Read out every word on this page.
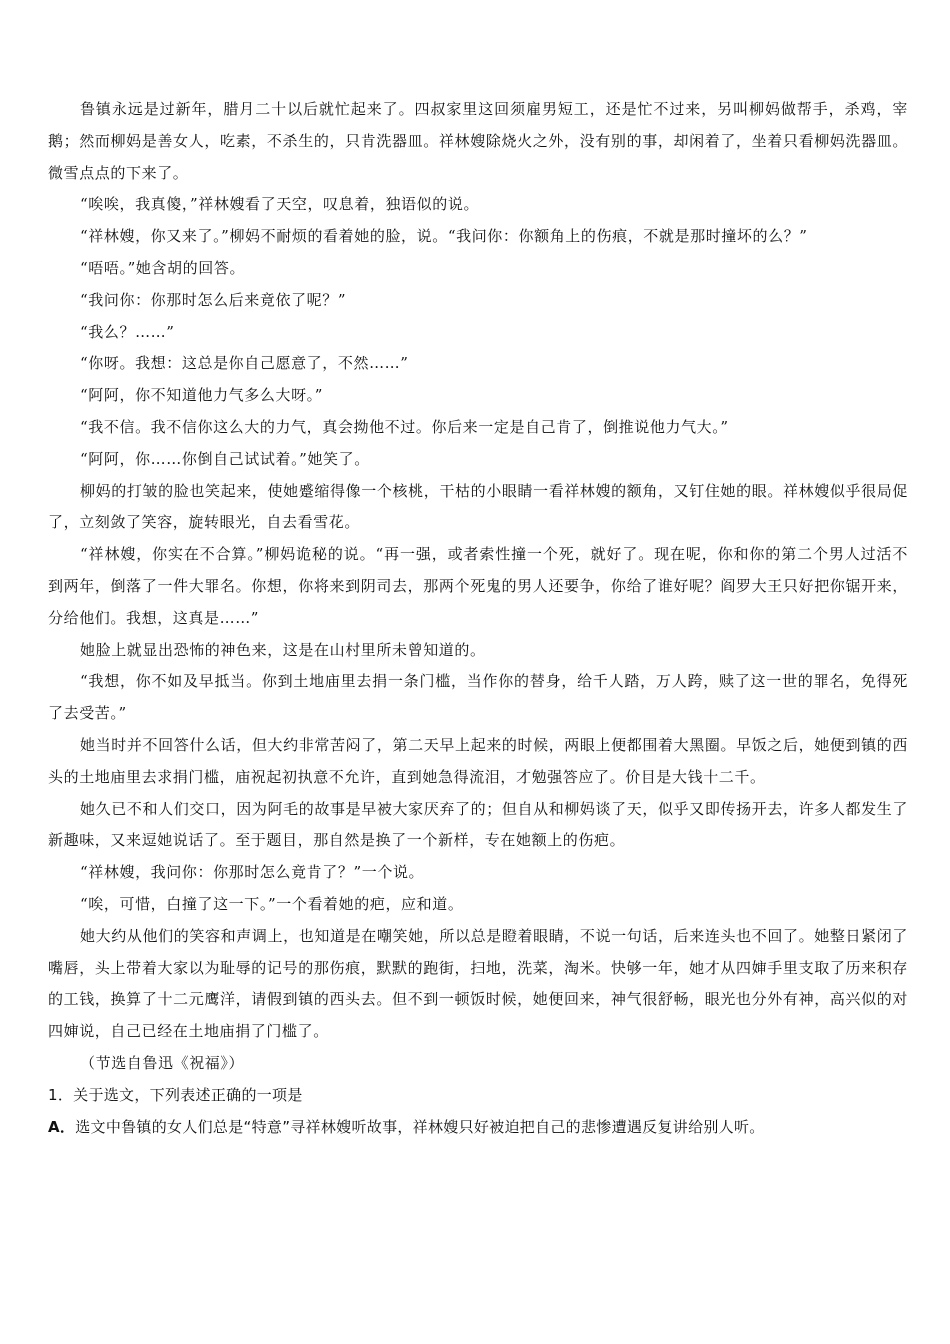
鲁镇永远是过新年，腊月二十以后就忙起来了。四叔家里这回须雇男短工，还是忙不过来，另叫柳妈做帮手，杀鸡，宰鹅；然而柳妈是善女人，吃素，不杀生的，只肯洗器皿。祥林嫂除烧火之外，没有别的事，却闲着了，坐着只看柳妈洗器皿。微雪点点的下来了。

“唉唉，我真傻，”祥林嫂看了天空，叹息着，独语似的说。

“祥林嫂，你又来了。”柳妈不耐烦的看着她的脸，说。“我问你：你额角上的伤痕，不就是那时撞坏的么？”

“唔唔。”她含胡的回答。

“我问你：你那时怎么后来竟依了呢？”

“我么？……”

“你呀。我想：这总是你自己愿意了，不然……”

“阿阿，你不知道他力气多么大呀。”

“我不信。我不信你这么大的力气，真会拗他不过。你后来一定是自己肯了，倒推说他力气大。”

“阿阿，你……你倒自己试试着。”她笑了。

柳妈的打皱的脸也笑起来，使她蹙缩得像一个核桃，干枯的小眼睛一看祥林嫂的额角，又钉住她的眼。祥林嫂似乎很局促了，立刻敛了笑容，旋转眼光，自去看雪花。

“祥林嫂，你实在不合算。”柳妈诡秘的说。“再一强，或者索性撞一个死，就好了。现在呢，你和你的第二个男人过活不到两年，倒落了一件大罪名。你想，你将来到阴司去，那两个死鬼的男人还要争，你给了谁好呢？阎罗大王只好把你锯开来，分给他们。我想，这真是……”

她脸上就显出恐怖的神色来，这是在山村里所未曾知道的。

“我想，你不如及早抵当。你到土地庙里去捐一条门槛，当作你的替身，给千人踏，万人跨，赎了这一世的罪名，免得死了去受苦。”

她当时并不回答什么话，但大约非常苦闷了，第二天早上起来的时候，两眼上便都围着大黑圈。早饭之后，她便到镇的西头的土地庙里去求捐门槛，庙祝起初执意不允许，直到她急得流泪，才勉强答应了。价目是大钱十二千。

她久已不和人们交口，因为阿毛的故事是早被大家厌弃了的；但自从和柳妈谈了天，似乎又即传扬开去，许多人都发生了新趣味，又来逗她说话了。至于题目，那自然是换了一个新样，专在她额上的伤疤。

“祥林嫂，我问你：你那时怎么竟肯了？”一个说。

“唉，可惜，白撞了这一下。”一个看着她的疤，应和道。

她大约从他们的笑容和声调上，也知道是在嘲笑她，所以总是瞪着眼睛，不说一句话，后来连头也不回了。她整日紧闭了嘴唇，头上带着大家以为耻辱的记号的那伤痕，默默的跑街，扫地，洗菜，淘米。快够一年，她才从四婶手里支取了历来积存的工钱，换算了十二元鹰洋，请假到镇的西头去。但不到一顿饭时候，她便回来，神气很舒畅，眼光也分外有神，高兴似的对四婶说，自己已经在土地庙捐了门槛了。

（节选自鲁迅《祝福》）

1．关于选文，下列表述正确的一项是

A．选文中鲁镇的女人们总是“特意”寻祥林嫂听故事，祥林嫂只好被迫把自己的悲惨遭遇反复讲给别人听。
